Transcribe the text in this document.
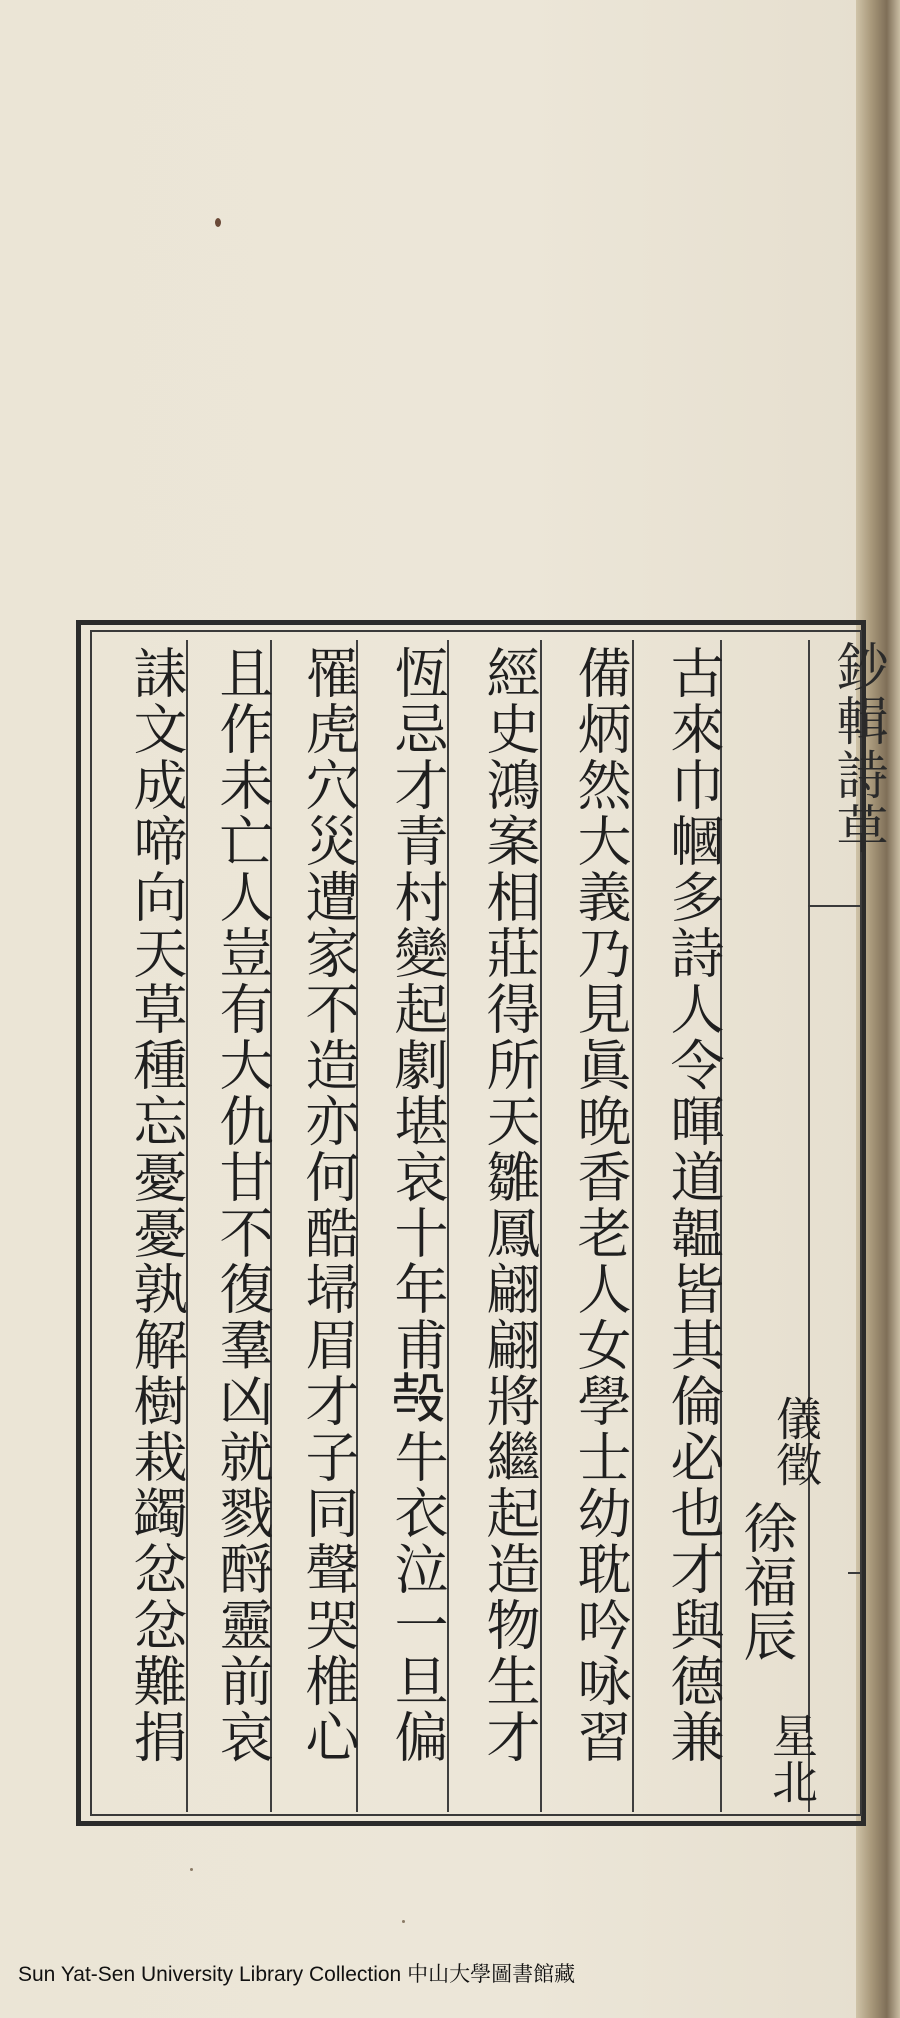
鈔輯詩草
儀徵
徐福辰
星北
古來巾幗多詩人令暉道韞皆其倫必也才與德兼
備炳然大義乃見眞晚香老人女學士幼耽吟咏習
經史鴻案相莊得所天雛鳳翩翩將繼起造物生才
恆忌才青村變起劇堪哀十年甫𣪊牛衣泣一旦偏
罹虎穴災遭家不造亦何酷埽眉才子同聲哭椎心
且作未亡人豈有大仇甘不復羣凶就戮酹靈前哀
誄文成啼向天草種忘憂憂孰解樹栽蠲忿忿難捐
Sun Yat-Sen University Library Collection 中山大學圖書館藏
